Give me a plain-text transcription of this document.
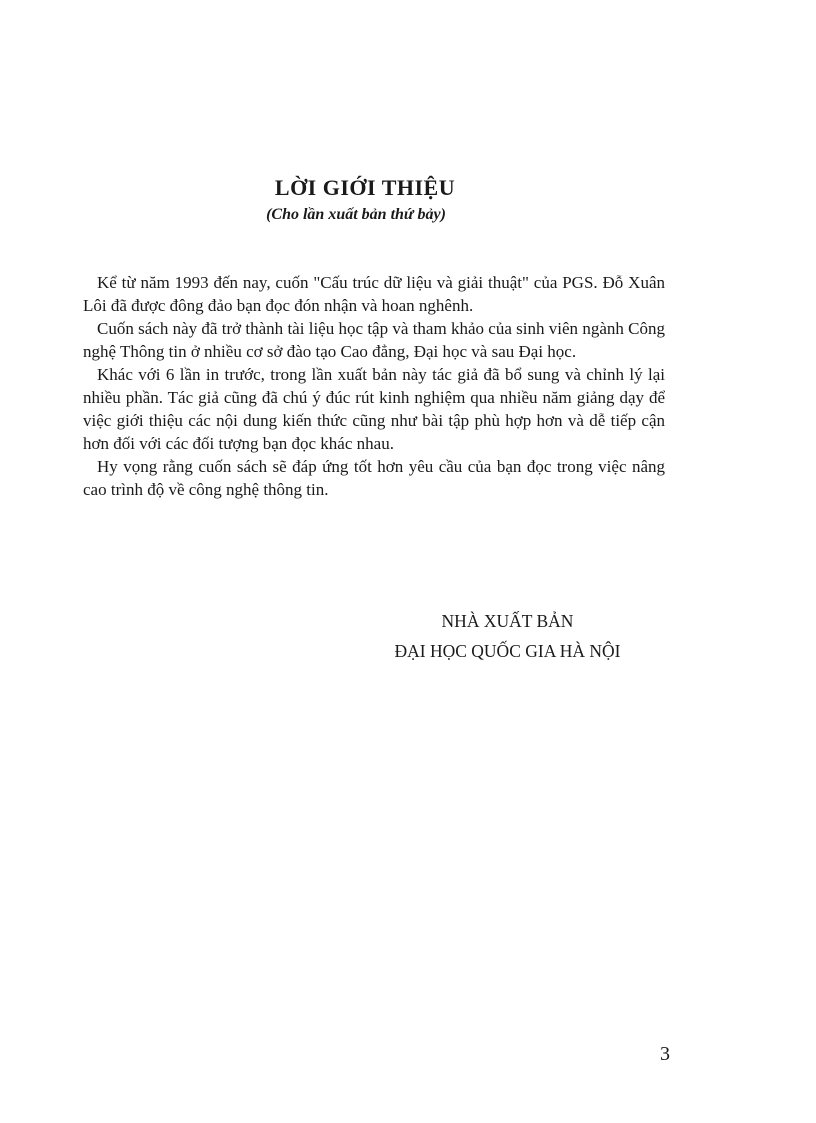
LỜI GIỚI THIỆU

(Cho lần xuất bản thứ bảy)

Kể từ năm 1993 đến nay, cuốn "Cấu trúc dữ liệu và giải thuật" của PGS. Đỗ Xuân Lôi đã được đông đảo bạn đọc đón nhận và hoan nghênh.

Cuốn sách này đã trở thành tài liệu học tập và tham khảo của sinh viên ngành Công nghệ Thông tin ở nhiều cơ sở đào tạo Cao đẳng, Đại học và sau Đại học.

Khác với 6 lần in trước, trong lần xuất bản này tác giả đã bổ sung và chỉnh lý lại nhiều phần. Tác giả cũng đã chú ý đúc rút kinh nghiệm qua nhiều năm giảng dạy để việc giới thiệu các nội dung kiến thức cũng như bài tập phù hợp hơn và dễ tiếp cận hơn đối với các đối tượng bạn đọc khác nhau.

Hy vọng rằng cuốn sách sẽ đáp ứng tốt hơn yêu cầu của bạn đọc trong việc nâng cao trình độ về công nghệ thông tin.

NHÀ XUẤT BẢN

ĐẠI HỌC QUỐC GIA HÀ NỘI

3
